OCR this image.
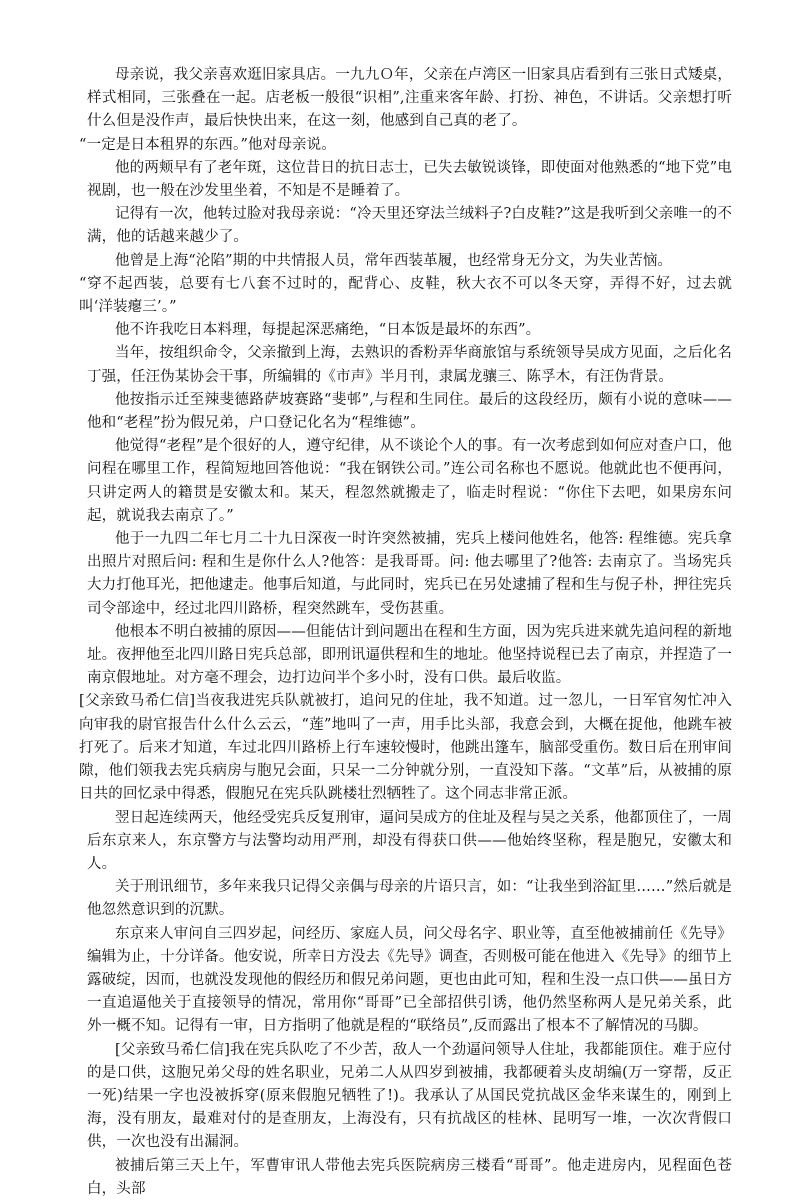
母亲说，我父亲喜欢逛旧家具店。一九九Ｏ年，父亲在卢湾区一旧家具店看到有三张日式矮桌，样式相同，三张叠在一起。店老板一般很“识相”,注重来客年龄、打扮、神色，不讲话。父亲想打听什么但是没作声，最后快快出来，在这一刻，他感到自己真的老了。

“一定是日本租界的东西。”他对母亲说。

他的两颊早有了老年斑，这位昔日的抗日志士，已失去敏锐谈锋，即使面对他熟悉的“地下党”电视剧，也一般在沙发里坐着，不知是不是睡着了。

记得有一次，他转过脸对我母亲说：“冷天里还穿法兰绒料子?白皮鞋?”这是我听到父亲唯一的不满，他的话越来越少了。

他曾是上海“沦陷”期的中共情报人员，常年西装革履，也经常身无分文，为失业苦恼。

“穿不起西装，总要有七八套不过时的，配背心、皮鞋，秋大衣不可以冬天穿，弄得不好，过去就叫‘洋装瘪三’。”

他不许我吃日本料理，每提起深恶痛绝，“日本饭是最坏的东西”。

当年，按组织命令，父亲撤到上海，去熟识的香粉弄华商旅馆与系统领导吴成方见面，之后化名丁强，任汪伪某协会干事，所编辑的《市声》半月刊，隶属龙骧三、陈孚木，有汪伪背景。

他按指示迁至辣斐德路萨坡赛路“斐邨”,与程和生同住。最后的这段经历，颇有小说的意味——他和“老程”扮为假兄弟，户口登记化名为“程维德”。

他觉得“老程”是个很好的人，遵守纪律，从不谈论个人的事。有一次考虑到如何应对查户口，他问程在哪里工作，程简短地回答他说：“我在钢铁公司。”连公司名称也不愿说。他就此也不便再问，只讲定两人的籍贯是安徽太和。某天，程忽然就搬走了，临走时程说：“你住下去吧，如果房东问起，就说我去南京了。”

他于一九四二年七月二十九日深夜一时许突然被捕，宪兵上楼问他姓名，他答: 程维德。宪兵拿出照片对照后问: 程和生是你什么人?他答：是我哥哥。问: 他去哪里了?他答: 去南京了。当场宪兵大力打他耳光，把他逮走。他事后知道，与此同时，宪兵已在另处逮捕了程和生与倪子朴，押往宪兵司令部途中，经过北四川路桥，程突然跳车，受伤甚重。

他根本不明白被捕的原因——但能估计到问题出在程和生方面，因为宪兵进来就先追问程的新地址。夜押他至北四川路日宪兵总部，即刑讯逼供程和生的地址。他坚持说程已去了南京，并捏造了一南京假地址。对方毫不理会，边打边问半个多小时，没有口供。最后收监。

[父亲致马希仁信]当夜我进宪兵队就被打，追问兄的住址，我不知道。过一忽儿，一日军官匆忙冲入向审我的尉官报告什么什么云云，“莲”地叫了一声，用手比头部，我意会到，大概在捉他，他跳车被打死了。后来才知道，车过北四川路桥上行车速较慢时，他跳出篷车，脑部受重伤。数日后在刑审间隙，他们领我去宪兵病房与胞兄会面，只呆一二分钟就分别，一直没知下落。“文革”后，从被捕的原日共的回忆录中得悉，假胞兄在宪兵队跳楼壮烈牺牲了。这个同志非常正派。

翌日起连续两天，他经受宪兵反复刑审，逼问吴成方的住址及程与吴之关系，他都顶住了，一周后东京来人，东京警方与法警均动用严刑，却没有得获口供——他始终坚称，程是胞兄，安徽太和人。

关于刑讯细节，多年来我只记得父亲偶与母亲的片语只言，如：“让我坐到浴缸里……”然后就是他忽然意识到的沉默。

东京来人审问自三四岁起，问经历、家庭人员，问父母名字、职业等，直至他被捕前任《先导》编辑为止，十分详备。他安说，所幸日方没去《先导》调查，否则极可能在他进入《先导》的细节上露破绽，因而，也就没发现他的假经历和假兄弟问题，更也由此可知，程和生没一点口供——虽日方一直追逼他关于直接领导的情况，常用你“哥哥”已全部招供引诱，他仍然坚称两人是兄弟关系，此外一概不知。记得有一审，日方指明了他就是程的“联络员”,反而露出了根本不了解情况的马脚。

[父亲致马希仁信]我在宪兵队吃了不少苦，敌人一个劲逼问领导人住址，我都能顶住。难于应付的是口供，这胞兄弟父母的姓名职业，兄弟二人从四岁到被捕，我都硬着头皮胡编(万一穿帮，反正一死)结果一字也没被拆穿(原来假胞兄牺牲了!)。我承认了从国民党抗战区金华来谋生的，刚到上海，没有朋友，最难对付的是查朋友，上海没有，只有抗战区的桂林、昆明写一堆，一次次背假口供，一次也没有出漏洞。

被捕后第三天上午，军曹审讯人带他去宪兵医院病房三楼看“哥哥”。他走进房内，见程面色苍白，头部
